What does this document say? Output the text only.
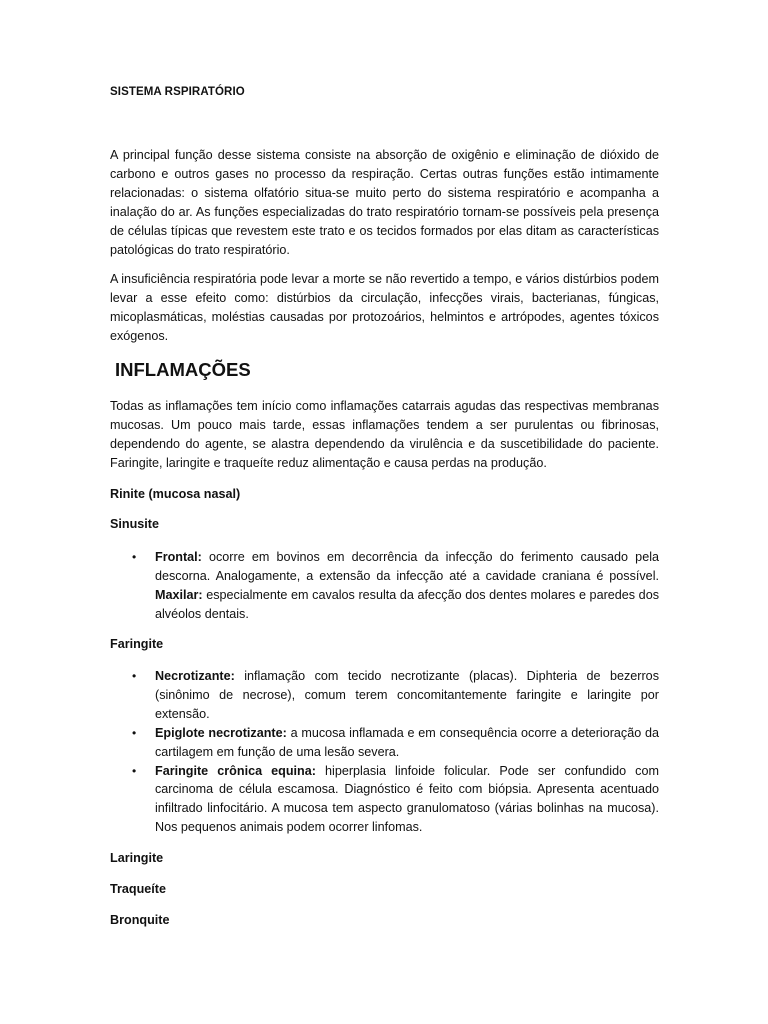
SISTEMA RSPIRATÓRIO

A principal função desse sistema consiste na absorção de oxigênio e eliminação de dióxido de carbono e outros gases no processo da respiração. Certas outras funções estão intimamente relacionadas: o sistema olfatório situa-se muito perto do sistema respiratório e acompanha a inalação do ar. As funções especializadas do trato respiratório tornam-se possíveis pela presença de células típicas que revestem este trato e os tecidos formados por elas ditam as características patológicas do trato respiratório.

A insuficiência respiratória pode levar a morte se não revertido a tempo, e vários distúrbios podem levar a esse efeito como: distúrbios da circulação, infecções virais, bacterianas, fúngicas, micoplasmáticas, moléstias causadas por protozoários, helmintos e artrópodes, agentes tóxicos exógenos.

INFLAMAÇÕES

Todas as inflamações tem início como inflamações catarrais agudas das respectivas membranas mucosas. Um pouco mais tarde, essas inflamações tendem a ser purulentas ou fibrinosas, dependendo do agente, se alastra dependendo da virulência e da suscetibilidade do paciente. Faringite, laringite e traqueíte reduz alimentação e causa perdas na produção.

Rinite (mucosa nasal)
Sinusite
• Frontal: ocorre em bovinos em decorrência da infecção do ferimento causado pela descorna. Analogamente, a extensão da infecção até a cavidade craniana é possível. Maxilar: especialmente em cavalos resulta da afecção dos dentes molares e paredes dos alvéolos dentais.
Faringite
• Necrotizante: inflamação com tecido necrotizante (placas). Diphteria de bezerros (sinônimo de necrose), comum terem concomitantemente faringite e laringite por extensão.
• Epiglote necrotizante: a mucosa inflamada e em consequência ocorre a deterioração da cartilagem em função de uma lesão severa.
• Faringite crônica equina: hiperplasia linfoide folicular. Pode ser confundido com carcinoma de célula escamosa. Diagnóstico é feito com biópsia. Apresenta acentuado infiltrado linfocitário. A mucosa tem aspecto granulomatoso (várias bolinhas na mucosa). Nos pequenos animais podem ocorrer linfomas.
Laringite
Traqueíte
Bronquite
